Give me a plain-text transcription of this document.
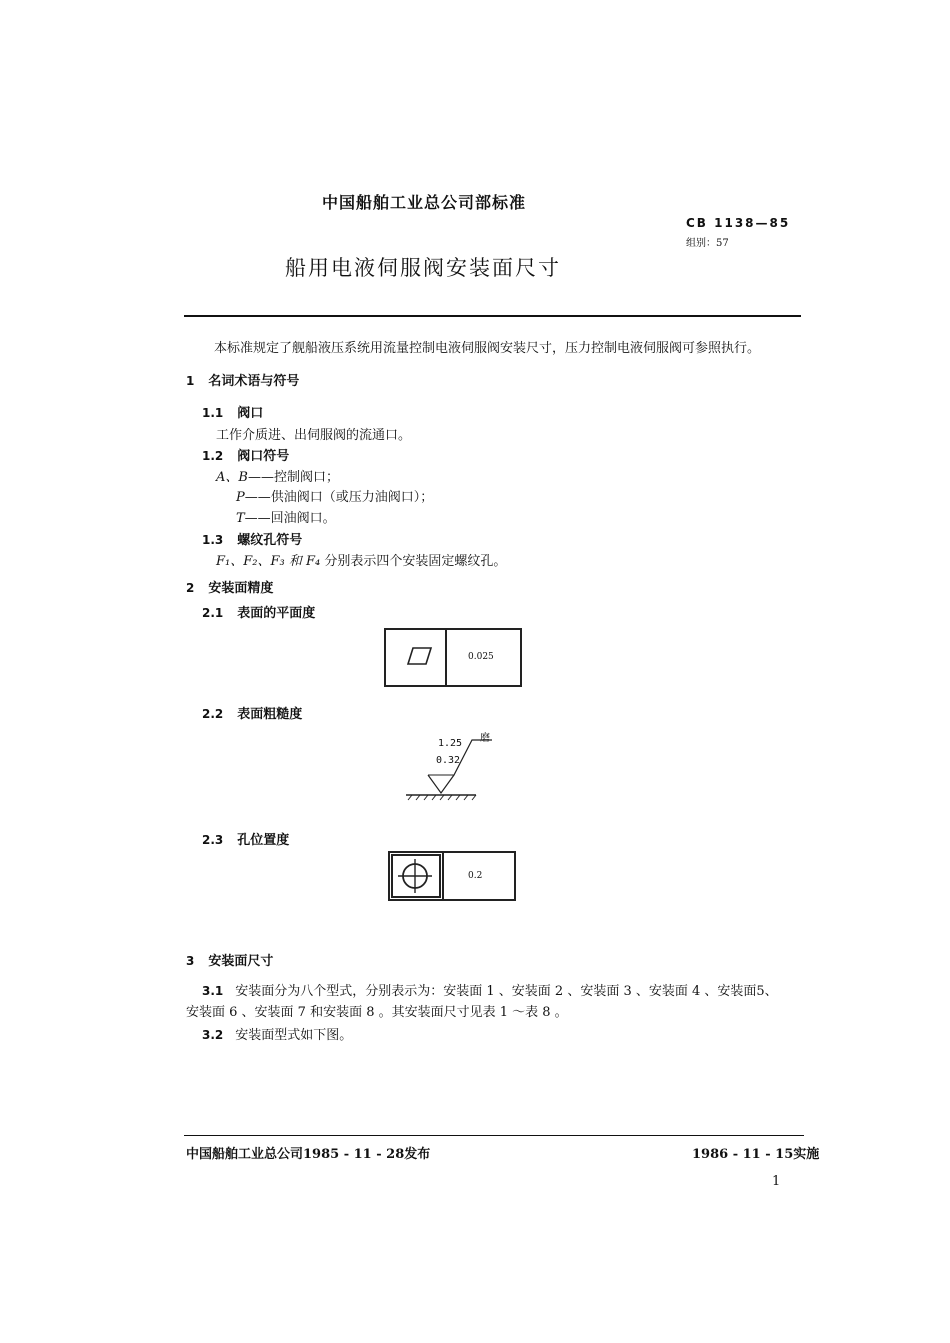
中国船舶工业总公司部标准
CB 1138—85
组别：57
船用电液伺服阀安装面尺寸
本标准规定了舰船液压系统用流量控制电液伺服阀安装尺寸，压力控制电液伺服阀可参照执行。
1 名词术语与符号
1.1 阀口
工作介质进、出伺服阀的流通口。
1.2 阀口符号
A、B——控制阀口；
P——供油阀口（或压力油阀口）；
T——回油阀口。
1.3 螺纹孔符号
F₁、F₂、F₃ 和 F₄ 分别表示四个安装固定螺纹孔。
2 安装面精度
2.1 表面的平面度
0.025
2.2 表面粗糙度
1.25
0.32
磨
2.3 孔位置度
0.2
3 安装面尺寸
3.1 安装面分为八个型式，分别表示为：安装面 1 、安装面 2 、安装面 3 、安装面 4 、安装面5、
安装面 6 、安装面 7 和安装面 8 。其安装面尺寸见表 1 ～表 8 。
3.2 安装面型式如下图。
中国船舶工业总公司1985 - 11 - 28发布	1986 - 11 - 15实施
1
